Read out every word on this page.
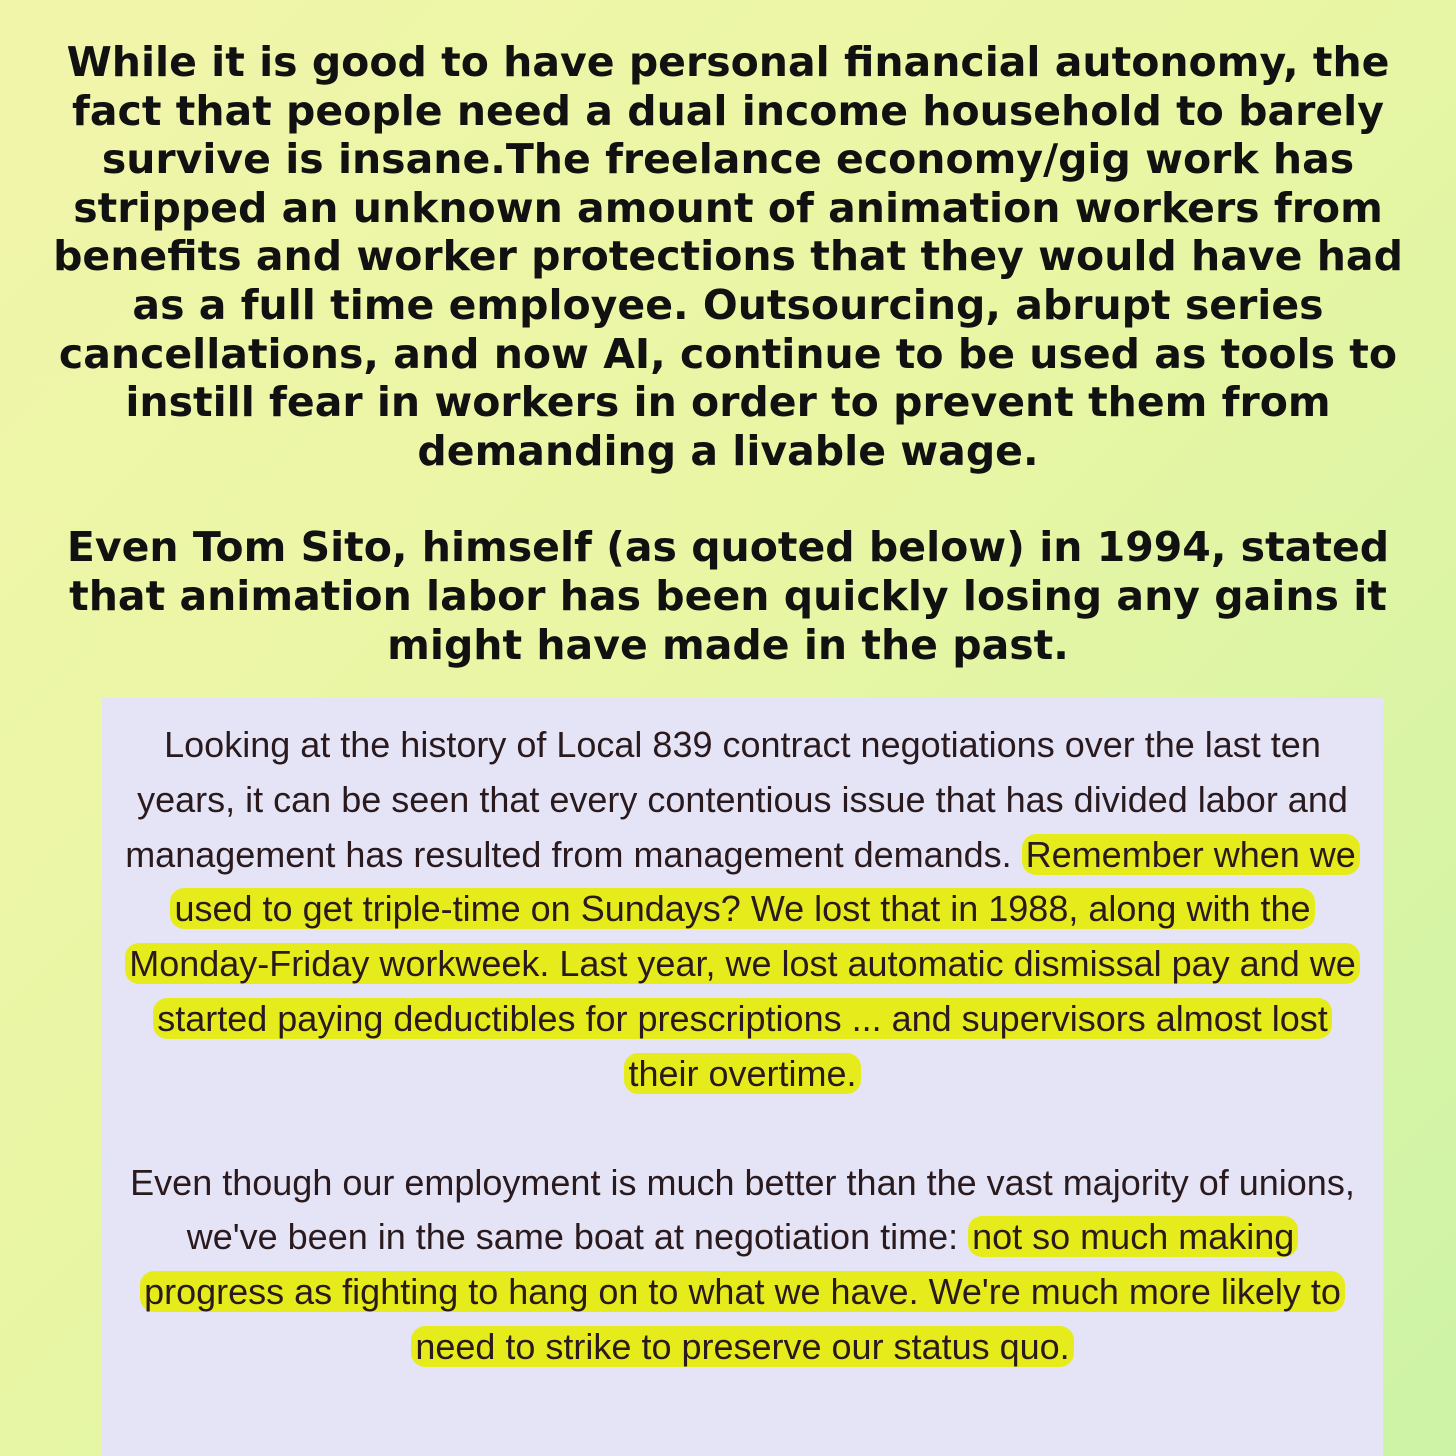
While it is good to have personal financial autonomy, the fact that people need a dual income household to barely survive is insane.The freelance economy/gig work has stripped an unknown amount of animation workers from benefits and worker protections that they would have had as a full time employee. Outsourcing, abrupt series cancellations, and now AI, continue to be used as tools to instill fear in workers in order to prevent them from demanding a livable wage.

Even Tom Sito, himself (as quoted below) in 1994, stated that animation labor has been quickly losing any gains it might have made in the past.

Looking at the history of Local 839 contract negotiations over the last ten years, it can be seen that every contentious issue that has divided labor and management has resulted from management demands. Remember when we used to get triple-time on Sundays? We lost that in 1988, along with the Monday-Friday workweek. Last year, we lost automatic dismissal pay and we started paying deductibles for prescriptions ... and supervisors almost lost their overtime.

Even though our employment is much better than the vast majority of unions, we've been in the same boat at negotiation time: not so much making progress as fighting to hang on to what we have. We're much more likely to need to strike to preserve our status quo.
